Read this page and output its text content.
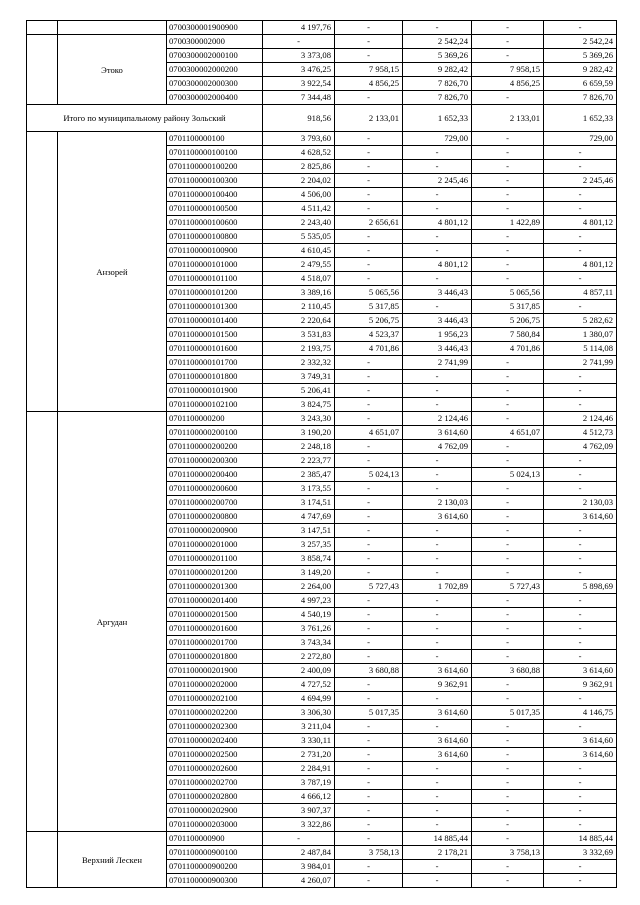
		0700300001900900	4 197,76	-	-	-	-
	Этоко	0700300002000	-	-	2 542,24	-	2 542,24
		0700300002000100	3 373,08	-	5 369,26	-	5 369,26
		0700300002000200	3 476,25	7 958,15	9 282,42	7 958,15	9 282,42
		0700300002000300	3 922,54	4 856,25	7 826,70	4 856,25	6 659,59
		0700300002000400	7 344,48	-	7 826,70	-	7 826,70
Итого по муниципальному району Зольский			918,56	2 133,01	1 652,33	2 133,01	1 652,33
	Анзорей	0701100000100	3 793,60	-	729,00	-	729,00
		0701100000100100	4 628,52	-	-	-	-
		0701100000100200	2 825,86	-	-	-	-
		0701100000100300	2 204,02	-	2 245,46	-	2 245,46
		0701100000100400	4 506,00	-	-	-	-
		0701100000100500	4 511,42	-	-	-	-
		0701100000100600	2 243,40	2 656,61	4 801,12	1 422,89	4 801,12
		0701100000100800	5 535,05	-	-	-	-
		0701100000100900	4 610,45	-	-	-	-
		0701100000101000	2 479,55	-	4 801,12	-	4 801,12
		0701100000101100	4 518,07	-	-	-	-
		0701100000101200	3 389,16	5 065,56	3 446,43	5 065,56	4 857,11
		0701100000101300	2 110,45	5 317,85	-	5 317,85	-
		0701100000101400	2 220,64	5 206,75	3 446,43	5 206,75	5 282,62
		0701100000101500	3 531,83	4 523,37	1 956,23	7 580,84	1 380,07
		0701100000101600	2 193,75	4 701,86	3 446,43	4 701,86	5 114,08
		0701100000101700	2 332,32	-	2 741,99	-	2 741,99
		0701100000101800	3 749,31	-	-	-	-
		0701100000101900	5 206,41	-	-	-	-
		0701100000102100	3 824,75	-	-	-	-
	Аргудан	0701100000200	3 243,30	-	2 124,46	-	2 124,46
		0701100000200100	3 190,20	4 651,07	3 614,60	4 651,07	4 512,73
		0701100000200200	2 248,18	-	4 762,09	-	4 762,09
		0701100000200300	2 223,77	-	-	-	-
		0701100000200400	2 385,47	5 024,13	-	5 024,13	-
		0701100000200600	3 173,55	-	-	-	-
		0701100000200700	3 174,51	-	2 130,03	-	2 130,03
		0701100000200800	4 747,69	-	3 614,60	-	3 614,60
		0701100000200900	3 147,51	-	-	-	-
		0701100000201000	3 257,35	-	-	-	-
		0701100000201100	3 858,74	-	-	-	-
		0701100000201200	3 149,20	-	-	-	-
		0701100000201300	2 264,00	5 727,43	1 702,89	5 727,43	5 898,69
		0701100000201400	4 997,23	-	-	-	-
		0701100000201500	4 540,19	-	-	-	-
		0701100000201600	3 761,26	-	-	-	-
		0701100000201700	3 743,34	-	-	-	-
		0701100000201800	2 272,80	-	-	-	-
		0701100000201900	2 400,09	3 680,88	3 614,60	3 680,88	3 614,60
		0701100000202000	4 727,52	-	9 362,91	-	9 362,91
		0701100000202100	4 694,99	-	-	-	-
		0701100000202200	3 306,30	5 017,35	3 614,60	5 017,35	4 146,75
		0701100000202300	3 211,04	-	-	-	-
		0701100000202400	3 330,11	-	3 614,60	-	3 614,60
		0701100000202500	2 731,20	-	3 614,60	-	3 614,60
		0701100000202600	2 284,91	-	-	-	-
		0701100000202700	3 787,19	-	-	-	-
		0701100000202800	4 666,12	-	-	-	-
		0701100000202900	3 907,37	-	-	-	-
		0701100000203000	3 322,86	-	-	-	-
	Верхний Лескен	0701100000900	-	-	14 885,44	-	14 885,44
		0701100000900100	2 487,84	3 758,13	2 178,21	3 758,13	3 332,69
		0701100000900200	3 984,01	-	-	-	-
		0701100000900300	4 260,07	-	-	-	-
